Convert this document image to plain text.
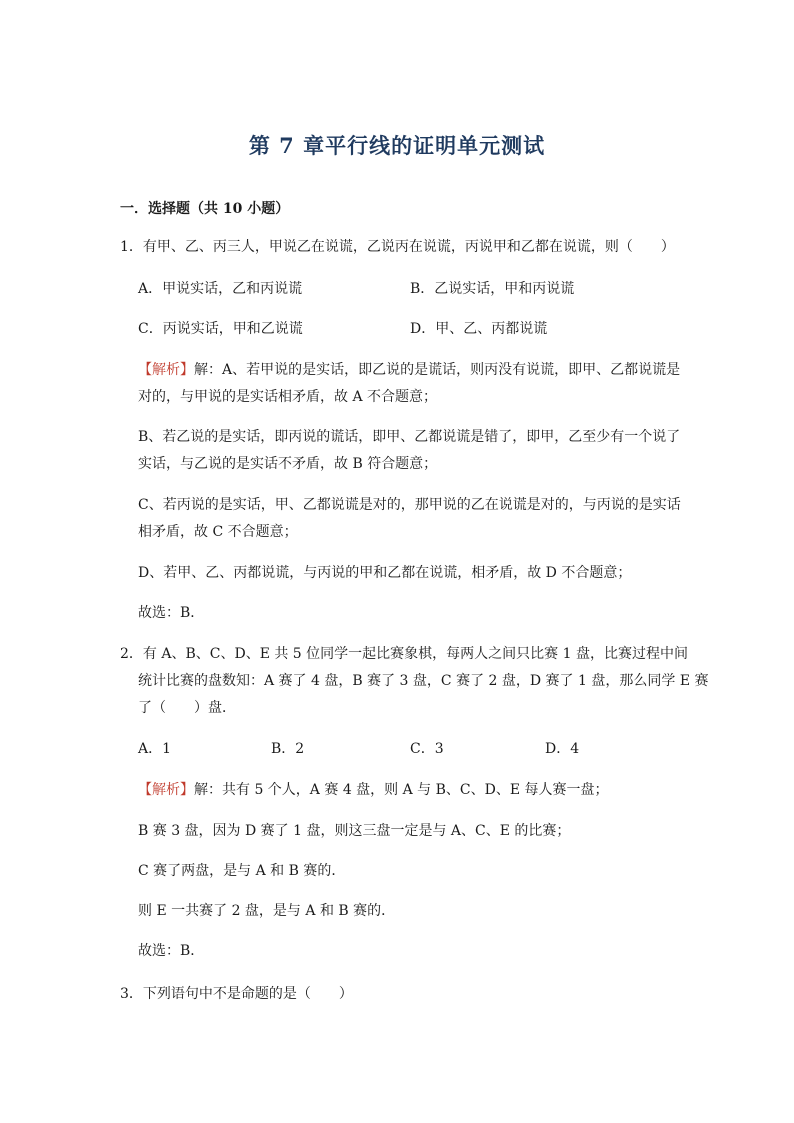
第 7 章平行线的证明单元测试
一．选择题（共 10 小题）
1．有甲、乙、丙三人，甲说乙在说谎，乙说丙在说谎，丙说甲和乙都在说谎，则（　　）
A．甲说实话，乙和丙说谎	B．乙说实话，甲和丙说谎
C．丙说实话，甲和乙说谎	D．甲、乙、丙都说谎
【解析】解：A、若甲说的是实话，即乙说的是谎话，则丙没有说谎，即甲、乙都说谎是
对的，与甲说的是实话相矛盾，故 A 不合题意；
B、若乙说的是实话，即丙说的谎话，即甲、乙都说谎是错了，即甲，乙至少有一个说了
实话，与乙说的是实话不矛盾，故 B 符合题意；
C、若丙说的是实话，甲、乙都说谎是对的，那甲说的乙在说谎是对的，与丙说的是实话
相矛盾，故 C 不合题意；
D、若甲、乙、丙都说谎，与丙说的甲和乙都在说谎，相矛盾，故 D 不合题意；
故选：B．
2．有 A、B、C、D、E 共 5 位同学一起比赛象棋，每两人之间只比赛 1 盘，比赛过程中间
统计比赛的盘数知：A 赛了 4 盘，B 赛了 3 盘，C 赛了 2 盘，D 赛了 1 盘，那么同学 E 赛
了（　　）盘．
A．1	B．2	C．3	D．4
【解析】解：共有 5 个人，A 赛 4 盘，则 A 与 B、C、D、E 每人赛一盘；
B 赛 3 盘，因为 D 赛了 1 盘，则这三盘一定是与 A、C、E 的比赛；
C 赛了两盘，是与 A 和 B 赛的．
则 E 一共赛了 2 盘，是与 A 和 B 赛的．
故选：B．
3．下列语句中不是命题的是（　　）
